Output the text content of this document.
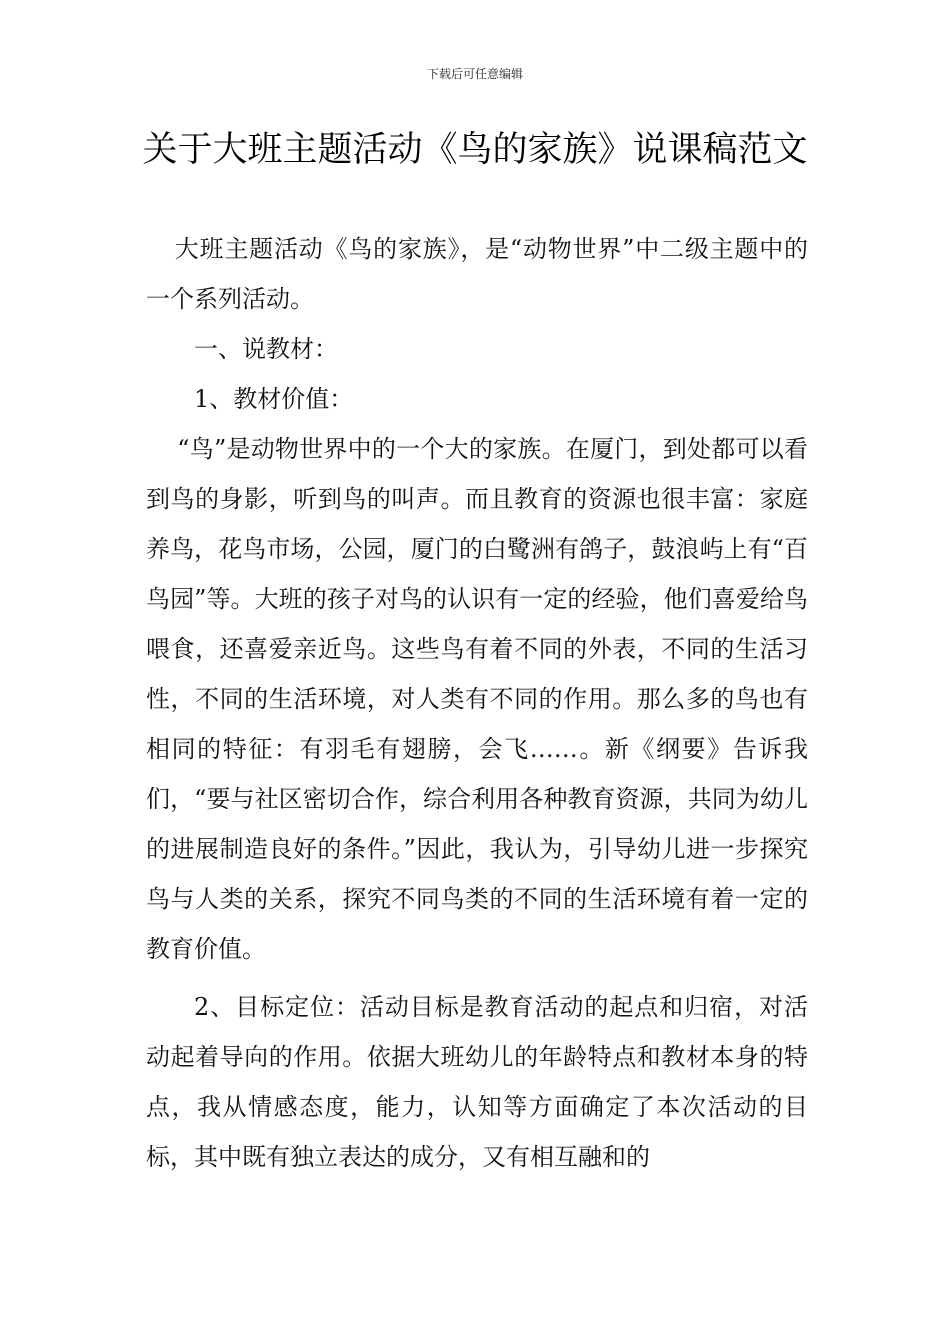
下载后可任意编辑
关于大班主题活动《鸟的家族》说课稿范文

大班主题活动《鸟的家族》，是“动物世界”中二级主题中的一个系列活动。

一、说教材：

1、教材价值：

“鸟”是动物世界中的一个大的家族。在厦门，到处都可以看到鸟的身影，听到鸟的叫声。而且教育的资源也很丰富：家庭养鸟，花鸟市场，公园，厦门的白鹭洲有鸽子，鼓浪屿上有“百鸟园”等。大班的孩子对鸟的认识有一定的经验，他们喜爱给鸟喂食，还喜爱亲近鸟。这些鸟有着不同的外表，不同的生活习性，不同的生活环境，对人类有不同的作用。那么多的鸟也有相同的特征：有羽毛有翅膀，会飞……。新《纲要》告诉我们，“要与社区密切合作，综合利用各种教育资源，共同为幼儿的进展制造良好的条件。”因此，我认为，引导幼儿进一步探究鸟与人类的关系，探究不同鸟类的不同的生活环境有着一定的教育价值。

2、目标定位：活动目标是教育活动的起点和归宿，对活动起着导向的作用。依据大班幼儿的年龄特点和教材本身的特点，我从情感态度，能力，认知等方面确定了本次活动的目标，其中既有独立表达的成分，又有相互融和的
